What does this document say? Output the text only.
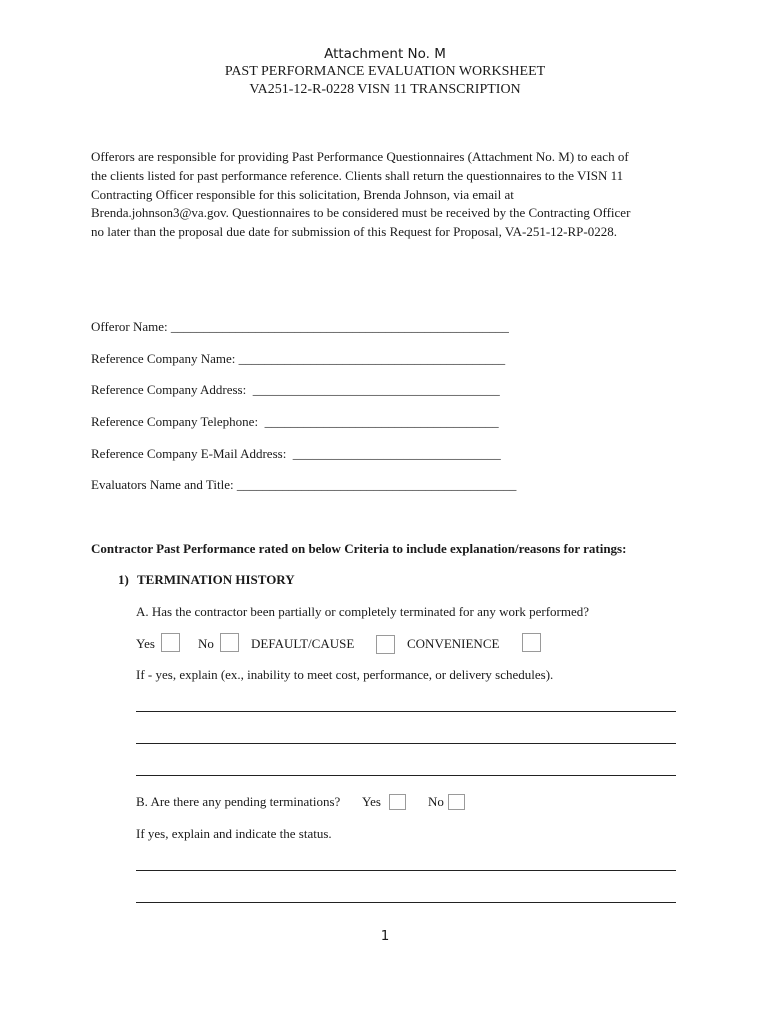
Attachment No. M
PAST PERFORMANCE EVALUATION WORKSHEET
VA251-12-R-0228 VISN 11 TRANSCRIPTION
Offerors are responsible for providing Past Performance Questionnaires (Attachment No. M) to each of
the clients listed for past performance reference. Clients shall return the questionnaires to the VISN 11
Contracting Officer responsible for this solicitation, Brenda Johnson, via email at
Brenda.johnson3@va.gov. Questionnaires to be considered must be received by the Contracting Officer
no later than the proposal due date for submission of this Request for Proposal, VA-251-12-RP-0228.
Offeror Name: ____________________________________________________
Reference Company Name: _________________________________________
Reference Company Address:  ______________________________________
Reference Company Telephone:  ____________________________________
Reference Company E-Mail Address:  ________________________________
Evaluators Name and Title: ___________________________________________
Contractor Past Performance rated on below Criteria to include explanation/reasons for ratings:
1) TERMINATION HISTORY
A. Has the contractor been partially or completely terminated for any work performed?
Yes	No	DEFAULT/CAUSE	CONVENIENCE
If - yes, explain (ex., inability to meet cost, performance, or delivery schedules).
B. Are there any pending terminations? Yes	No
If yes, explain and indicate the status.
1
